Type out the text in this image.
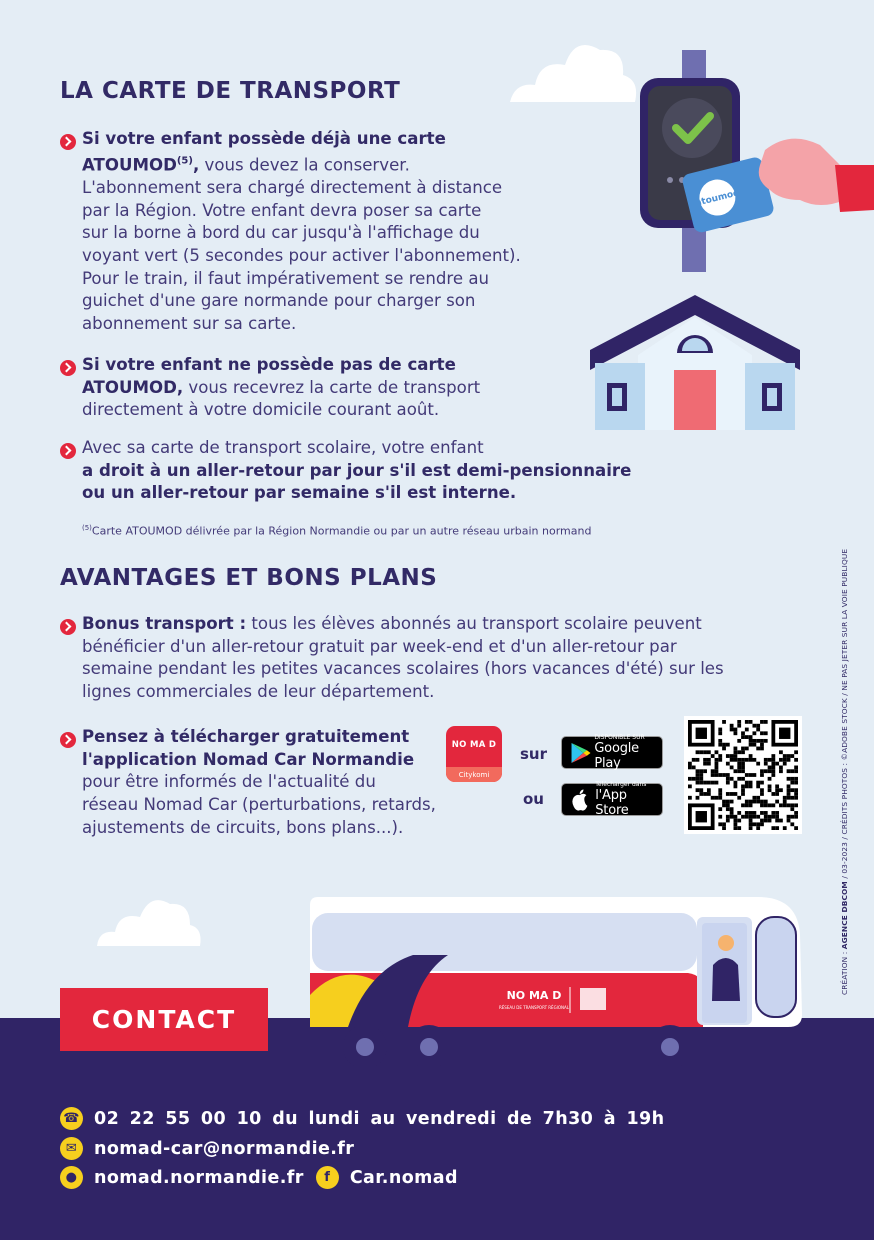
atoumod
LA CARTE DE TRANSPORT
Si votre enfant possède déjà une carte
ATOUMOD$^{(5)}$, vous devez la conserver.
L'abonnement sera chargé directement à distance
par la Région. Votre enfant devra poser sa carte
sur la borne à bord du car jusqu'à l'affichage du
voyant vert (5 secondes pour activer l'abonnement).
Pour le train, il faut impérativement se rendre au
guichet d'une gare normande pour charger son
abonnement sur sa carte.
Si votre enfant ne possède pas de carte
ATOUMOD, vous recevrez la carte de transport
directement à votre domicile courant août.
Avec sa carte de transport scolaire, votre enfant
a droit à un aller-retour par jour s'il est demi-pensionnaire
ou un aller-retour par semaine s'il est interne.
$^{(5)}$Carte ATOUMOD délivrée par la Région Normandie ou par un autre réseau urbain normand
AVANTAGES ET BONS PLANS
Bonus transport : tous les élèves abonnés au transport scolaire peuvent
bénéficier d'un aller-retour gratuit par week-end et d'un aller-retour par
semaine pendant les petites vacances scolaires (hors vacances d'été) sur les
lignes commerciales de leur département.
Pensez à télécharger gratuitement
l'application Nomad Car Normandie
pour être informés de l'actualité du
réseau Nomad Car (perturbations, retards,
ajustements de circuits, bons plans...).
NO MA D
Citykomi
sur
ou
DISPONIBLE SUR
Google Play
Télécharger dans
l'App Store
CRÉATION : AGENCE DBCOM / 03-2023 / CRÉDITS PHOTOS : ©ADOBE STOCK / NE PAS JETER SUR LA VOIE PUBLIQUE
NO MA D
RÉSEAU DE TRANSPORT RÉGIONAL
CONTACT
☎ 02 22 55 00 10 du lundi au vendredi de 7h30 à 19h
✉ nomad-car@normandie.fr
● nomad.normandie.fr	f	Car.nomad
